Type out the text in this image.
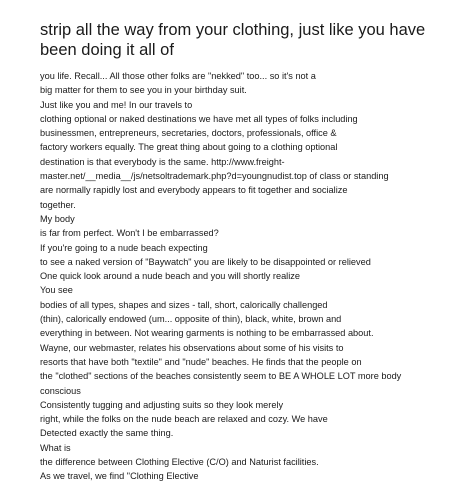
strip all the way from your clothing, just like you have been doing it all of
you life. Recall... All those other folks are "nekked" too... so it's not a
big matter for them to see you in your birthday suit.
Just like you and me! In our travels to
clothing optional or naked destinations we have met all types of folks including
businessmen, entrepreneurs, secretaries, doctors, professionals, office &
factory workers equally. The great thing about going to a clothing optional
destination is that everybody is the same. http://www.freight-
master.net/__media__/js/netsoltrademark.php?d=youngnudist.top of class or standing
are normally rapidly lost and everybody appears to fit together and socialize
together.
My body
is far from perfect. Won't I be embarrassed?
If you're going to a nude beach expecting
to see a naked version of "Baywatch" you are likely to be disappointed or relieved
One quick look around a nude beach and you will shortly realize
You see
bodies of all types, shapes and sizes - tall, short, calorically challenged
(thin), calorically endowed (um... opposite of thin), black, white, brown and
everything in between. Not wearing garments is nothing to be embarrassed about.
Wayne, our webmaster, relates his observations about some of his visits to
resorts that have both "textile" and "nude" beaches. He finds that the people on
the "clothed" sections of the beaches consistently seem to BE A WHOLE LOT more body
conscious
Consistently tugging and adjusting suits so they look merely
right, while the folks on the nude beach are relaxed and cozy. We have
Detected exactly the same thing.
What is
the difference between Clothing Elective (C/O) and Naturist facilities.
As we travel, we find "Clothing Elective
